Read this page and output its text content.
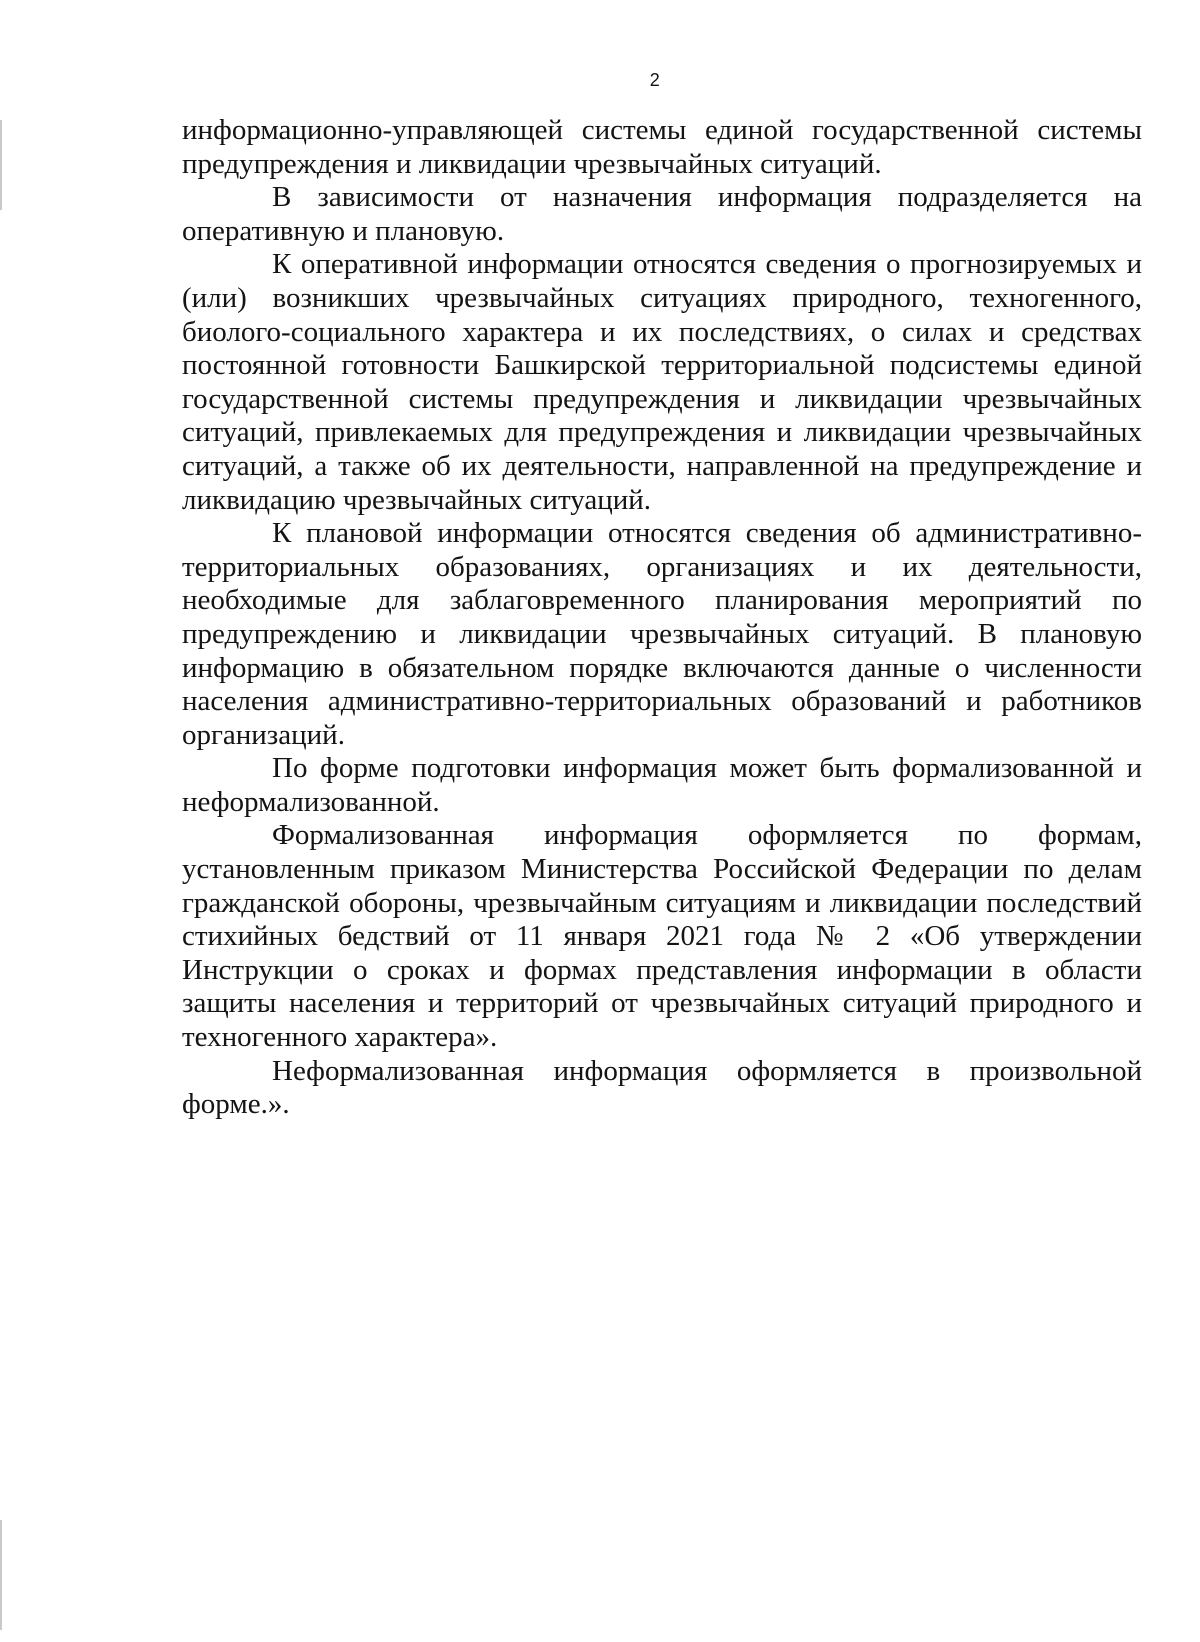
2

информационно-управляющей системы единой государственной системы предупреждения и ликвидации чрезвычайных ситуаций.

В зависимости от назначения информация подразделяется на оперативную и плановую.

К оперативной информации относятся сведения о прогнозируемых и (или) возникших чрезвычайных ситуациях природного, техногенного, биолого-социального характера и их последствиях, о силах и средствах постоянной готовности Башкирской территориальной подсистемы единой государственной системы предупреждения и ликвидации чрезвычайных ситуаций, привлекаемых для предупреждения и ликвидации чрезвычайных ситуаций, а также об их деятельности, направленной на предупреждение и ликвидацию чрезвычайных ситуаций.

К плановой информации относятся сведения об административно-территориальных образованиях, организациях и их деятельности, необходимые для заблаговременного планирования мероприятий по предупреждению и ликвидации чрезвычайных ситуаций. В плановую информацию в обязательном порядке включаются данные о численности населения административно-территориальных образований и работников организаций.

По форме подготовки информация может быть формализованной и неформализованной.

Формализованная информация оформляется по формам, установленным приказом Министерства Российской Федерации по делам гражданской обороны, чрезвычайным ситуациям и ликвидации последствий стихийных бедствий от 11 января 2021 года № 2 «Об утверждении Инструкции о сроках и формах представления информации в области защиты населения и территорий от чрезвычайных ситуаций природного и техногенного характера».

Неформализованная информация оформляется в произвольной форме.».
